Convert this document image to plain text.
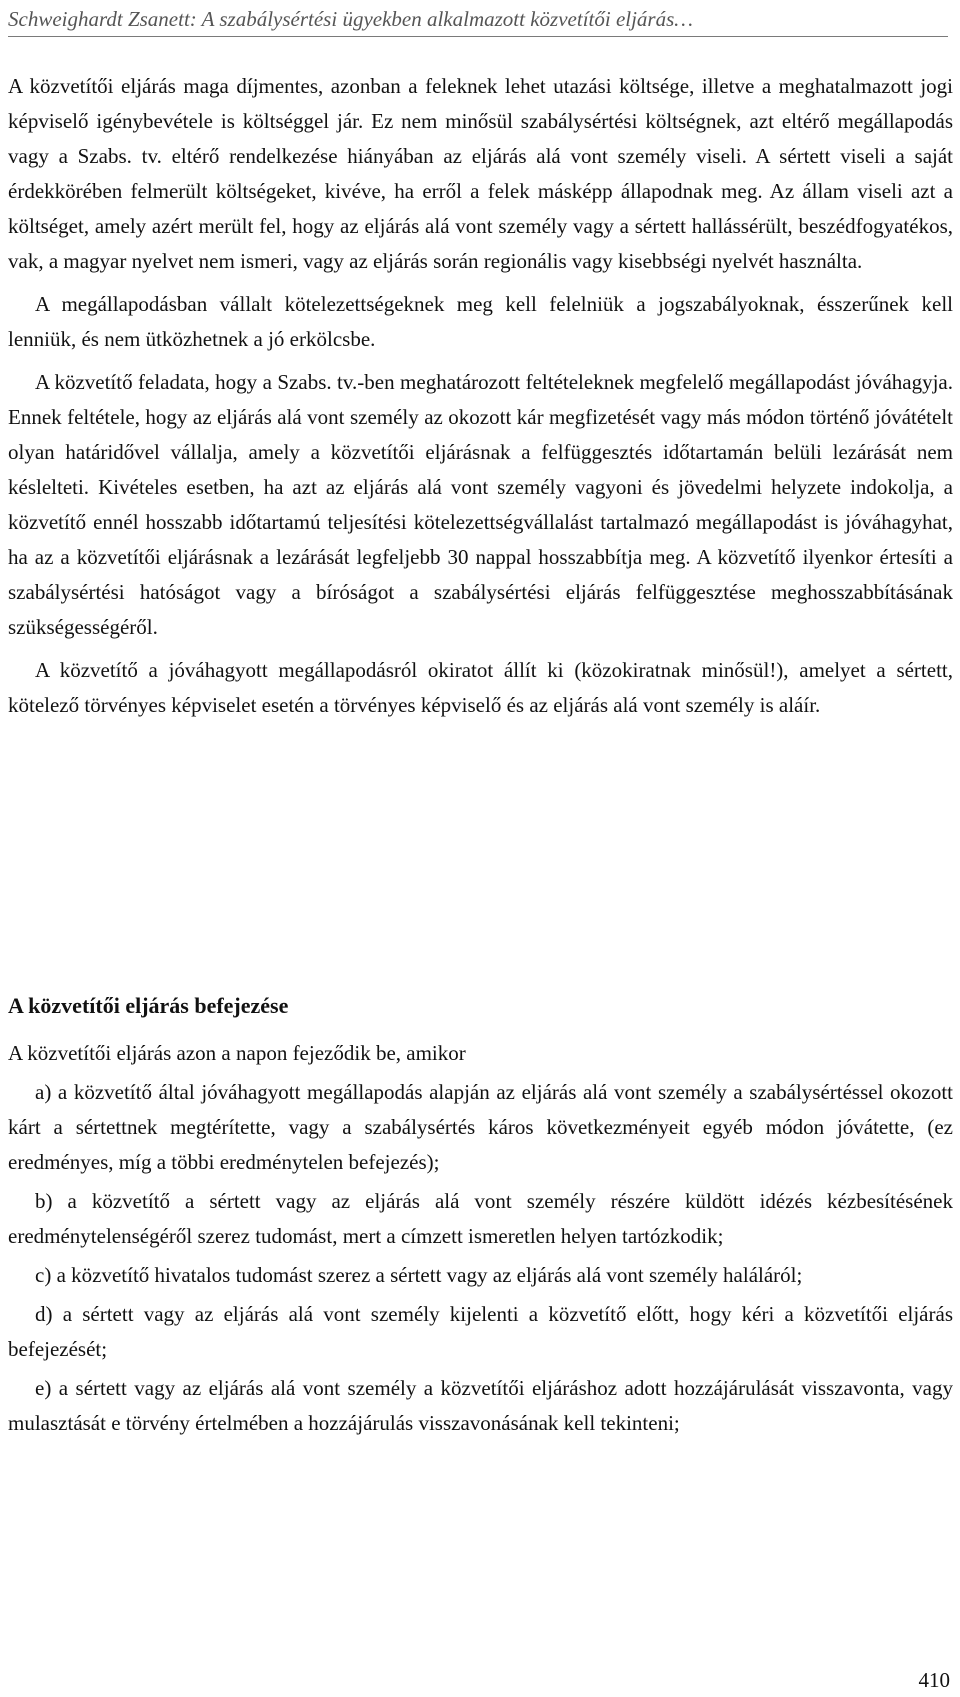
Schweighardt Zsanett: A szabálysértési ügyekben alkalmazott közvetítői eljárás…

A közvetítői eljárás maga díjmentes, azonban a feleknek lehet utazási költsége, illetve a meghatalmazott jogi képviselő igénybevétele is költséggel jár. Ez nem minősül szabálysértési költségnek, azt eltérő megállapodás vagy a Szabs. tv. eltérő rendelkezése hiányában az eljárás alá vont személy viseli. A sértett viseli a saját érdekkörében felmerült költségeket, kivéve, ha erről a felek másképp állapodnak meg. Az állam viseli azt a költséget, amely azért merült fel, hogy az eljárás alá vont személy vagy a sértett hallássérült, beszédfogyatékos, vak, a magyar nyelvet nem ismeri, vagy az eljárás során regionális vagy kisebbségi nyelvét használta.

A megállapodásban vállalt kötelezettségeknek meg kell felelniük a jogszabályoknak, ésszerűnek kell lenniük, és nem ütközhetnek a jó erkölcsbe.

A közvetítő feladata, hogy a Szabs. tv.-ben meghatározott feltételeknek megfelelő megállapodást jóváhagyja. Ennek feltétele, hogy az eljárás alá vont személy az okozott kár megfizetését vagy más módon történő jóvátételt olyan határidővel vállalja, amely a közvetítői eljárásnak a felfüggesztés időtartamán belüli lezárását nem késlelteti. Kivételes esetben, ha azt az eljárás alá vont személy vagyoni és jövedelmi helyzete indokolja, a közvetítő ennél hosszabb időtartamú teljesítési kötelezettségvállalást tartalmazó megállapodást is jóváhagyhat, ha az a közvetítői eljárásnak a lezárását legfeljebb 30 nappal hosszabbítja meg. A közvetítő ilyenkor értesíti a szabálysértési hatóságot vagy a bíróságot a szabálysértési eljárás felfüggesztése meghosszabbításának szükségességéről.

A közvetítő a jóváhagyott megállapodásról okiratot állít ki (közokiratnak minősül!), amelyet a sértett, kötelező törvényes képviselet esetén a törvényes képviselő és az eljárás alá vont személy is aláír.

A közvetítői eljárás befejezése

A közvetítői eljárás azon a napon fejeződik be, amikor

a) a közvetítő által jóváhagyott megállapodás alapján az eljárás alá vont személy a szabálysértéssel okozott kárt a sértettnek megtérítette, vagy a szabálysértés káros következményeit egyéb módon jóvátette, (ez eredményes, míg a többi eredménytelen befejezés);

b) a közvetítő a sértett vagy az eljárás alá vont személy részére küldött idézés kézbesítésének eredménytelenségéről szerez tudomást, mert a címzett ismeretlen helyen tartózkodik;

c) a közvetítő hivatalos tudomást szerez a sértett vagy az eljárás alá vont személy haláláról;

d) a sértett vagy az eljárás alá vont személy kijelenti a közvetítő előtt, hogy kéri a közvetítői eljárás befejezését;

e) a sértett vagy az eljárás alá vont személy a közvetítői eljáráshoz adott hozzájárulását visszavonta, vagy mulasztását e törvény értelmében a hozzájárulás visszavonásának kell tekinteni;

410
